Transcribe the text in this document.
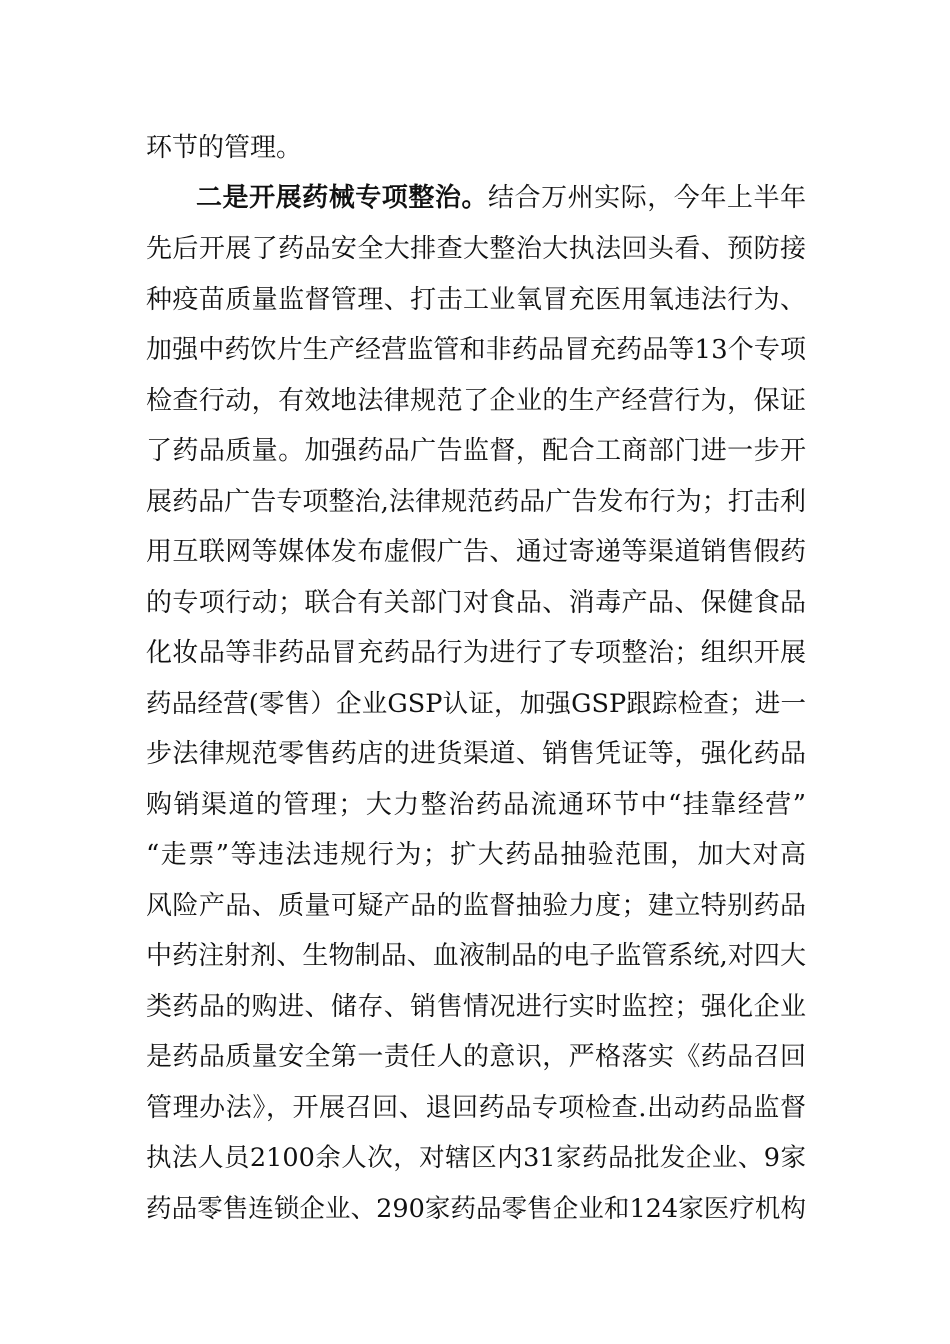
环节的管理。
二是开展药械专项整治。结合万州实际，今年上半年
先后开展了药品安全大排查大整治大执法回头看、预防接
种疫苗质量监督管理、打击工业氧冒充医用氧违法行为、
加强中药饮片生产经营监管和非药品冒充药品等13个专项
检查行动，有效地法律规范了企业的生产经营行为，保证
了药品质量。加强药品广告监督，配合工商部门进一步开
展药品广告专项整治,法律规范药品广告发布行为；打击利
用互联网等媒体发布虚假广告、通过寄递等渠道销售假药
的专项行动；联合有关部门对食品、消毒产品、保健食品
化妆品等非药品冒充药品行为进行了专项整治；组织开展
药品经营(零售）企业GSP认证，加强GSP跟踪检查；进一
步法律规范零售药店的进货渠道、销售凭证等，强化药品
购销渠道的管理；大力整治药品流通环节中“挂靠经营”
“走票”等违法违规行为；扩大药品抽验范围，加大对高
风险产品、质量可疑产品的监督抽验力度；建立特别药品
中药注射剂、生物制品、血液制品的电子监管系统,对四大
类药品的购进、储存、销售情况进行实时监控；强化企业
是药品质量安全第一责任人的意识，严格落实《药品召回
管理办法》，开展召回、退回药品专项检查.出动药品监督
执法人员2100余人次，对辖区内31家药品批发企业、9家
药品零售连锁企业、290家药品零售企业和124家医疗机构
